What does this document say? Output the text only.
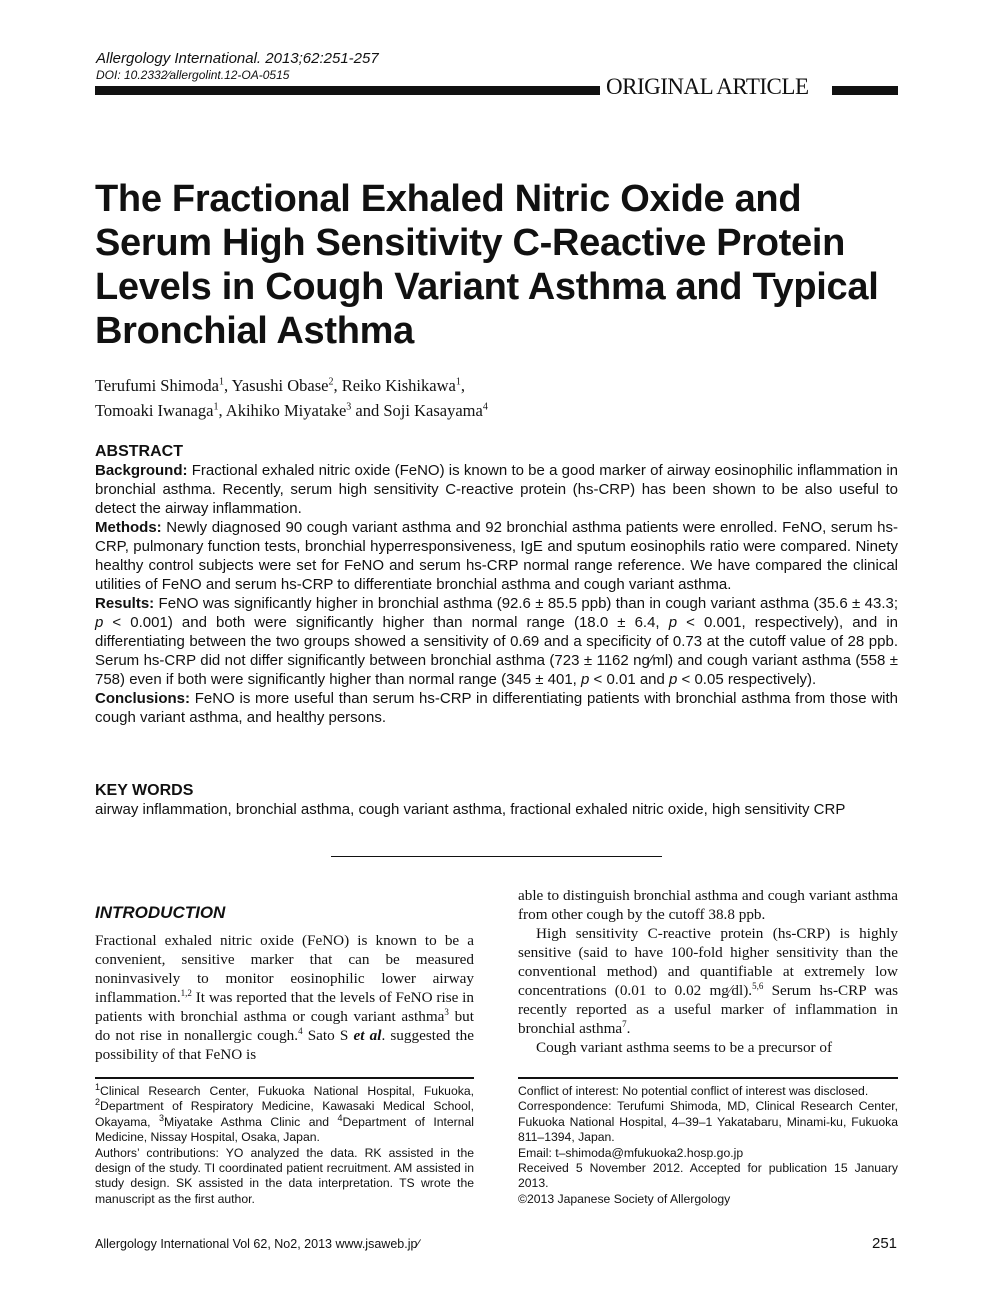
Allergology International. 2013;62:251-257
DOI: 10.2332∕allergolint.12-OA-0515	ORIGINAL ARTICLE
The Fractional Exhaled Nitric Oxide and Serum High Sensitivity C-Reactive Protein Levels in Cough Variant Asthma and Typical Bronchial Asthma
Terufumi Shimoda$^1$, Yasushi Obase$^2$, Reiko Kishikawa$^1$,
Tomoaki Iwanaga$^1$, Akihiko Miyatake$^3$ and Soji Kasayama$^4$
ABSTRACT

Background: Fractional exhaled nitric oxide (FeNO) is known to be a good marker of airway eosinophilic inflammation in bronchial asthma. Recently, serum high sensitivity C-reactive protein (hs-CRP) has been shown to be also useful to detect the airway inflammation.

Methods: Newly diagnosed 90 cough variant asthma and 92 bronchial asthma patients were enrolled. FeNO, serum hs-CRP, pulmonary function tests, bronchial hyperresponsiveness, IgE and sputum eosinophils ratio were compared. Ninety healthy control subjects were set for FeNO and serum hs-CRP normal range reference. We have compared the clinical utilities of FeNO and serum hs-CRP to differentiate bronchial asthma and cough variant asthma.

Results: FeNO was significantly higher in bronchial asthma (92.6 ± 85.5 ppb) than in cough variant asthma (35.6 ± 43.3; p < 0.001) and both were significantly higher than normal range (18.0 ± 6.4, p < 0.001, respectively), and in differentiating between the two groups showed a sensitivity of 0.69 and a specificity of 0.73 at the cutoff value of 28 ppb. Serum hs-CRP did not differ significantly between bronchial asthma (723 ± 1162 ng∕ml) and cough variant asthma (558 ± 758) even if both were significantly higher than normal range (345 ± 401, p < 0.01 and p < 0.05 respectively).

Conclusions: FeNO is more useful than serum hs-CRP in differentiating patients with bronchial asthma from those with cough variant asthma, and healthy persons.

KEY WORDS

airway inflammation, bronchial asthma, cough variant asthma, fractional exhaled nitric oxide, high sensitivity CRP

INTRODUCTION

Fractional exhaled nitric oxide (FeNO) is known to be a convenient, sensitive marker that can be measured noninvasively to monitor eosinophilic lower airway inflammation.$^{1,2}$ It was reported that the levels of FeNO rise in patients with bronchial asthma or cough variant asthma$^3$ but do not rise in nonallergic cough.$^4$ Sato S et al. suggested the possibility of that FeNO is

able to distinguish bronchial asthma and cough variant asthma from other cough by the cutoff 38.8 ppb.

High sensitivity C-reactive protein (hs-CRP) is highly sensitive (said to have 100-fold higher sensitivity than the conventional method) and quantifiable at extremely low concentrations (0.01 to 0.02 mg∕dl).$^{5,6}$ Serum hs-CRP was recently reported as a useful marker of inflammation in bronchial asthma$^7$.

Cough variant asthma seems to be a precursor of

$^1$Clinical Research Center, Fukuoka National Hospital, Fukuoka, $^2$Department of Respiratory Medicine, Kawasaki Medical School, Okayama, $^3$Miyatake Asthma Clinic and $^4$Department of Internal Medicine, Nissay Hospital, Osaka, Japan.

Authors’ contributions: YO analyzed the data. RK assisted in the design of the study. TI coordinated patient recruitment. AM assisted in study design. SK assisted in the data interpretation. TS wrote the manuscript as the first author.

Conflict of interest: No potential conflict of interest was disclosed.

Correspondence: Terufumi Shimoda, MD, Clinical Research Center, Fukuoka National Hospital, 4–39–1 Yakatabaru, Minami-ku, Fukuoka 811–1394, Japan.

Email: t–shimoda@mfukuoka2.hosp.go.jp

Received 5 November 2012. Accepted for publication 15 January 2013.

©2013 Japanese Society of Allergology

Allergology International Vol 62, No2, 2013 www.jsaweb.jp∕	251
